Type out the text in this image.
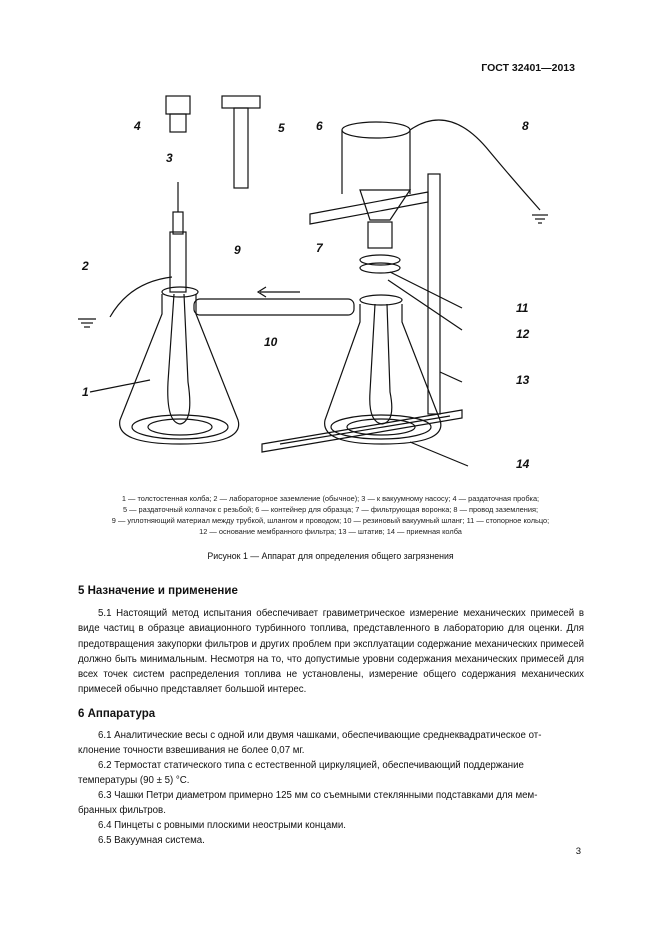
ГОСТ 32401—2013
4
3
5	6	8
9	7
2
10
11
12
13
1
14
1 — толстостенная колба; 2 — лабораторное заземление (обычное); 3 — к вакуумному насосу; 4 — раздаточная пробка;
5 — раздаточный колпачок с резьбой; 6 — контейнер для образца; 7 — фильтрующая воронка; 8 — провод заземления;
9 — уплотняющий материал между трубкой, шлангом и проводом; 10 — резиновый вакуумный шланг; 11 — стопорное кольцо;
12 — основание мембранного фильтра; 13 — штатив; 14 — приемная колба
Рисунок 1 — Аппарат для определения общего загрязнения
5 Назначение и применение
5.1 Настоящий метод испытания обеспечивает гравиметрическое измерение механических примесей в виде частиц в образце авиационного турбинного топлива, представленного в лабораторию для оценки. Для предотвращения закупорки фильтров и других проблем при эксплуатации содержание механических примесей должно быть минимальным. Несмотря на то, что допустимые уровни содержания механических примесей для всех точек систем распределения топлива не установлены, измерение общего содержания механических примесей обычно представляет большой интерес.
6 Аппаратура
6.1 Аналитические весы с одной или двумя чашками, обеспечивающие среднеквадратическое от-
клонение точности взвешивания не более 0,07 мг.
6.2 Термостат статического типа с естественной циркуляцией, обеспечивающий поддержание
температуры (90 ± 5) °С.
6.3 Чашки Петри диаметром примерно 125 мм со съемными стеклянными подставками для мем-
бранных фильтров.
6.4 Пинцеты с ровными плоскими неострыми концами.
6.5 Вакуумная система.
3
